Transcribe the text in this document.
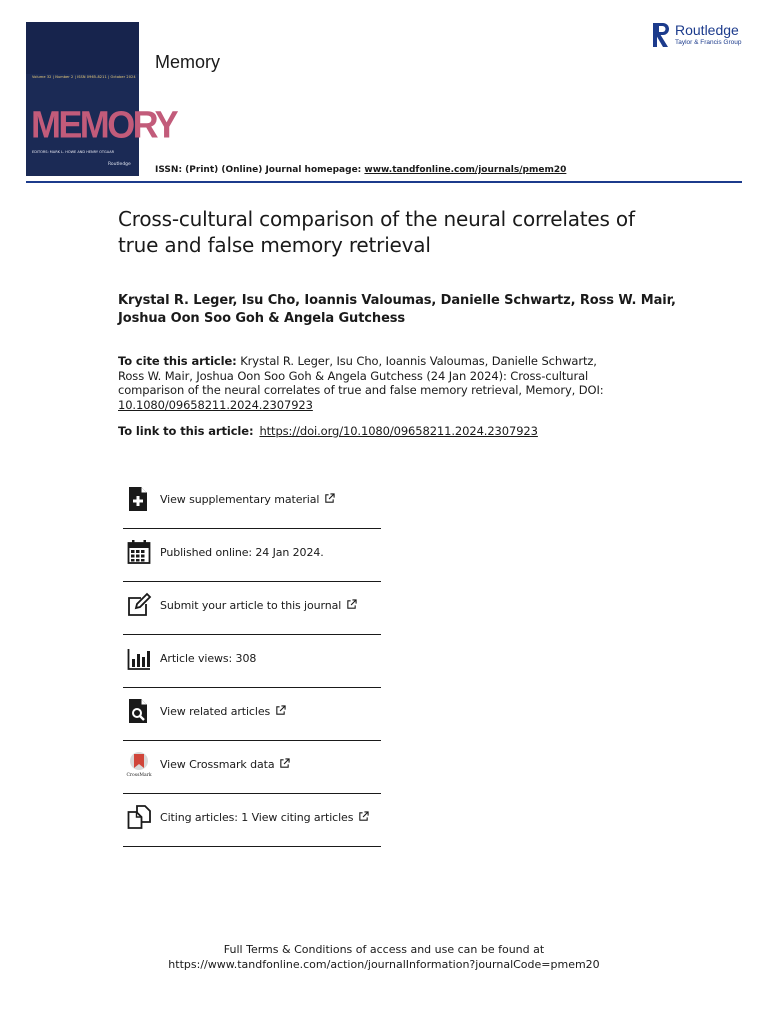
Volume 32 | Number 2 | ISSN 0965-8211 | October 2024
MEMORY
EDITORS: MARK L. HOWE AND HENRY OTGAAR
Routledge
Memory
Routledge
Taylor & Francis Group
ISSN: (Print) (Online) Journal homepage: www.tandfonline.com/journals/pmem20
Cross-cultural comparison of the neural correlates of true and false memory retrieval
Krystal R. Leger, Isu Cho, Ioannis Valoumas, Danielle Schwartz, Ross W. Mair, Joshua Oon Soo Goh & Angela Gutchess
To cite this article: Krystal R. Leger, Isu Cho, Ioannis Valoumas, Danielle Schwartz, Ross W. Mair, Joshua Oon Soo Goh & Angela Gutchess (24 Jan 2024): Cross-cultural comparison of the neural correlates of true and false memory retrieval, Memory, DOI: 10.1080/09658211.2024.2307923
To link to this article: https://doi.org/10.1080/09658211.2024.2307923
View supplementary material
Published online: 24 Jan 2024.
Submit your article to this journal
Article views: 308
View related articles
CrossMark
View Crossmark data
Citing articles: 1 View citing articles
Full Terms & Conditions of access and use can be found at
https://www.tandfonline.com/action/journalInformation?journalCode=pmem20
